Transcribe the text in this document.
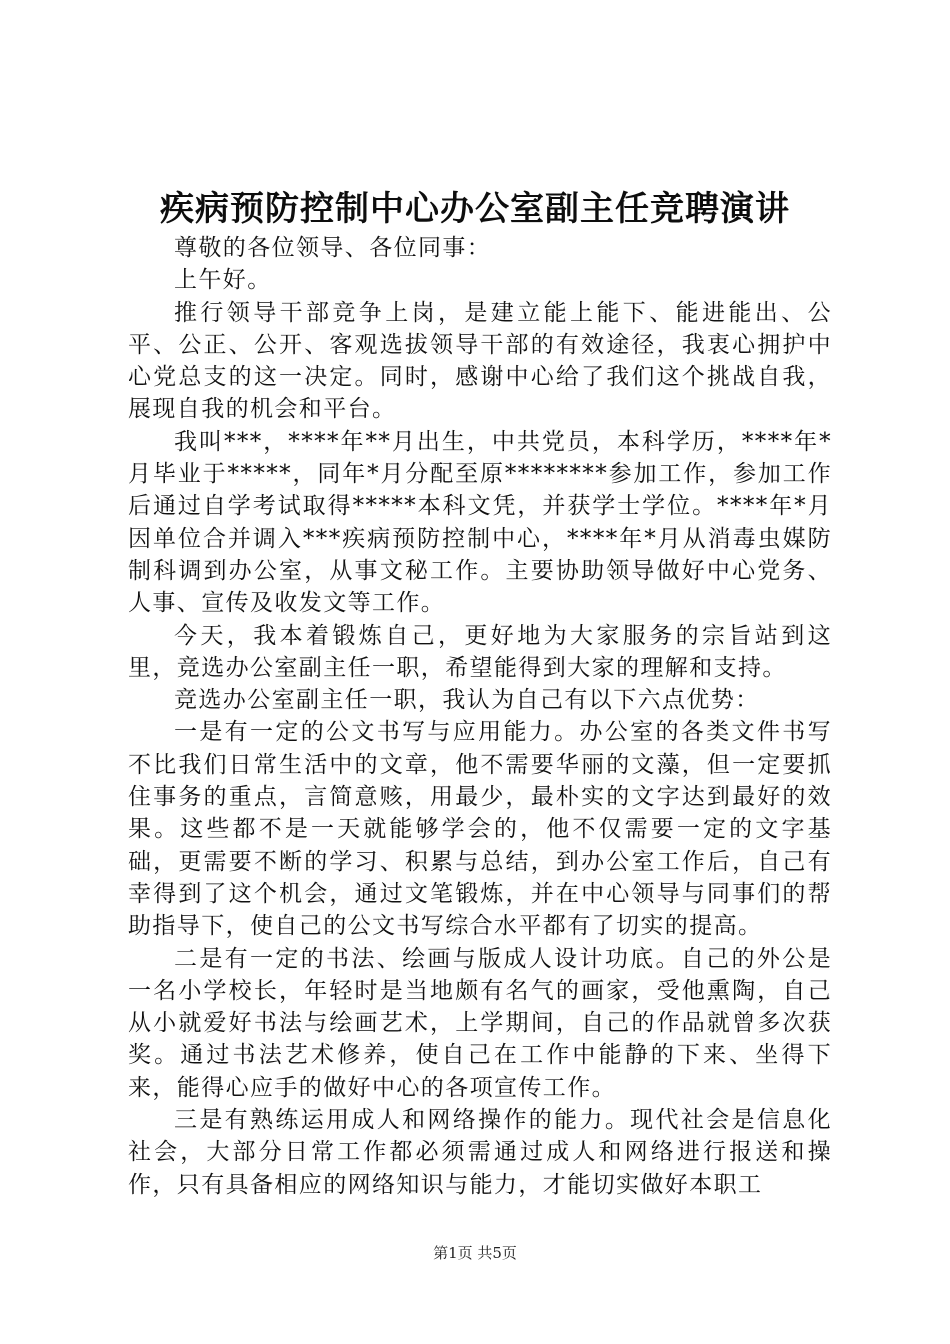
疾病预防控制中心办公室副主任竞聘演讲

尊敬的各位领导、各位同事：

上午好。

推行领导干部竞争上岗，是建立能上能下、能进能出、公平、公正、公开、客观选拔领导干部的有效途径，我衷心拥护中心党总支的这一决定。同时，感谢中心给了我们这个挑战自我，展现自我的机会和平台。

我叫***，****年**月出生，中共党员，本科学历，****年*月毕业于*****，同年*月分配至原********参加工作，参加工作后通过自学考试取得*****本科文凭，并获学士学位。****年*月因单位合并调入***疾病预防控制中心，****年*月从消毒虫媒防制科调到办公室，从事文秘工作。主要协助领导做好中心党务、人事、宣传及收发文等工作。

今天，我本着锻炼自己，更好地为大家服务的宗旨站到这里，竞选办公室副主任一职，希望能得到大家的理解和支持。

竞选办公室副主任一职，我认为自己有以下六点优势：

一是有一定的公文书写与应用能力。办公室的各类文件书写不比我们日常生活中的文章，他不需要华丽的文藻，但一定要抓住事务的重点，言简意赅，用最少，最朴实的文字达到最好的效果。这些都不是一天就能够学会的，他不仅需要一定的文字基础，更需要不断的学习、积累与总结，到办公室工作后，自己有幸得到了这个机会，通过文笔锻炼，并在中心领导与同事们的帮助指导下，使自己的公文书写综合水平都有了切实的提高。

二是有一定的书法、绘画与版成人设计功底。自己的外公是一名小学校长，年轻时是当地颇有名气的画家，受他熏陶，自己从小就爱好书法与绘画艺术，上学期间，自己的作品就曾多次获奖。通过书法艺术修养，使自己在工作中能静的下来、坐得下来，能得心应手的做好中心的各项宣传工作。

三是有熟练运用成人和网络操作的能力。现代社会是信息化社会，大部分日常工作都必须需通过成人和网络进行报送和操作，只有具备相应的网络知识与能力，才能切实做好本职工

第1页 共5页
